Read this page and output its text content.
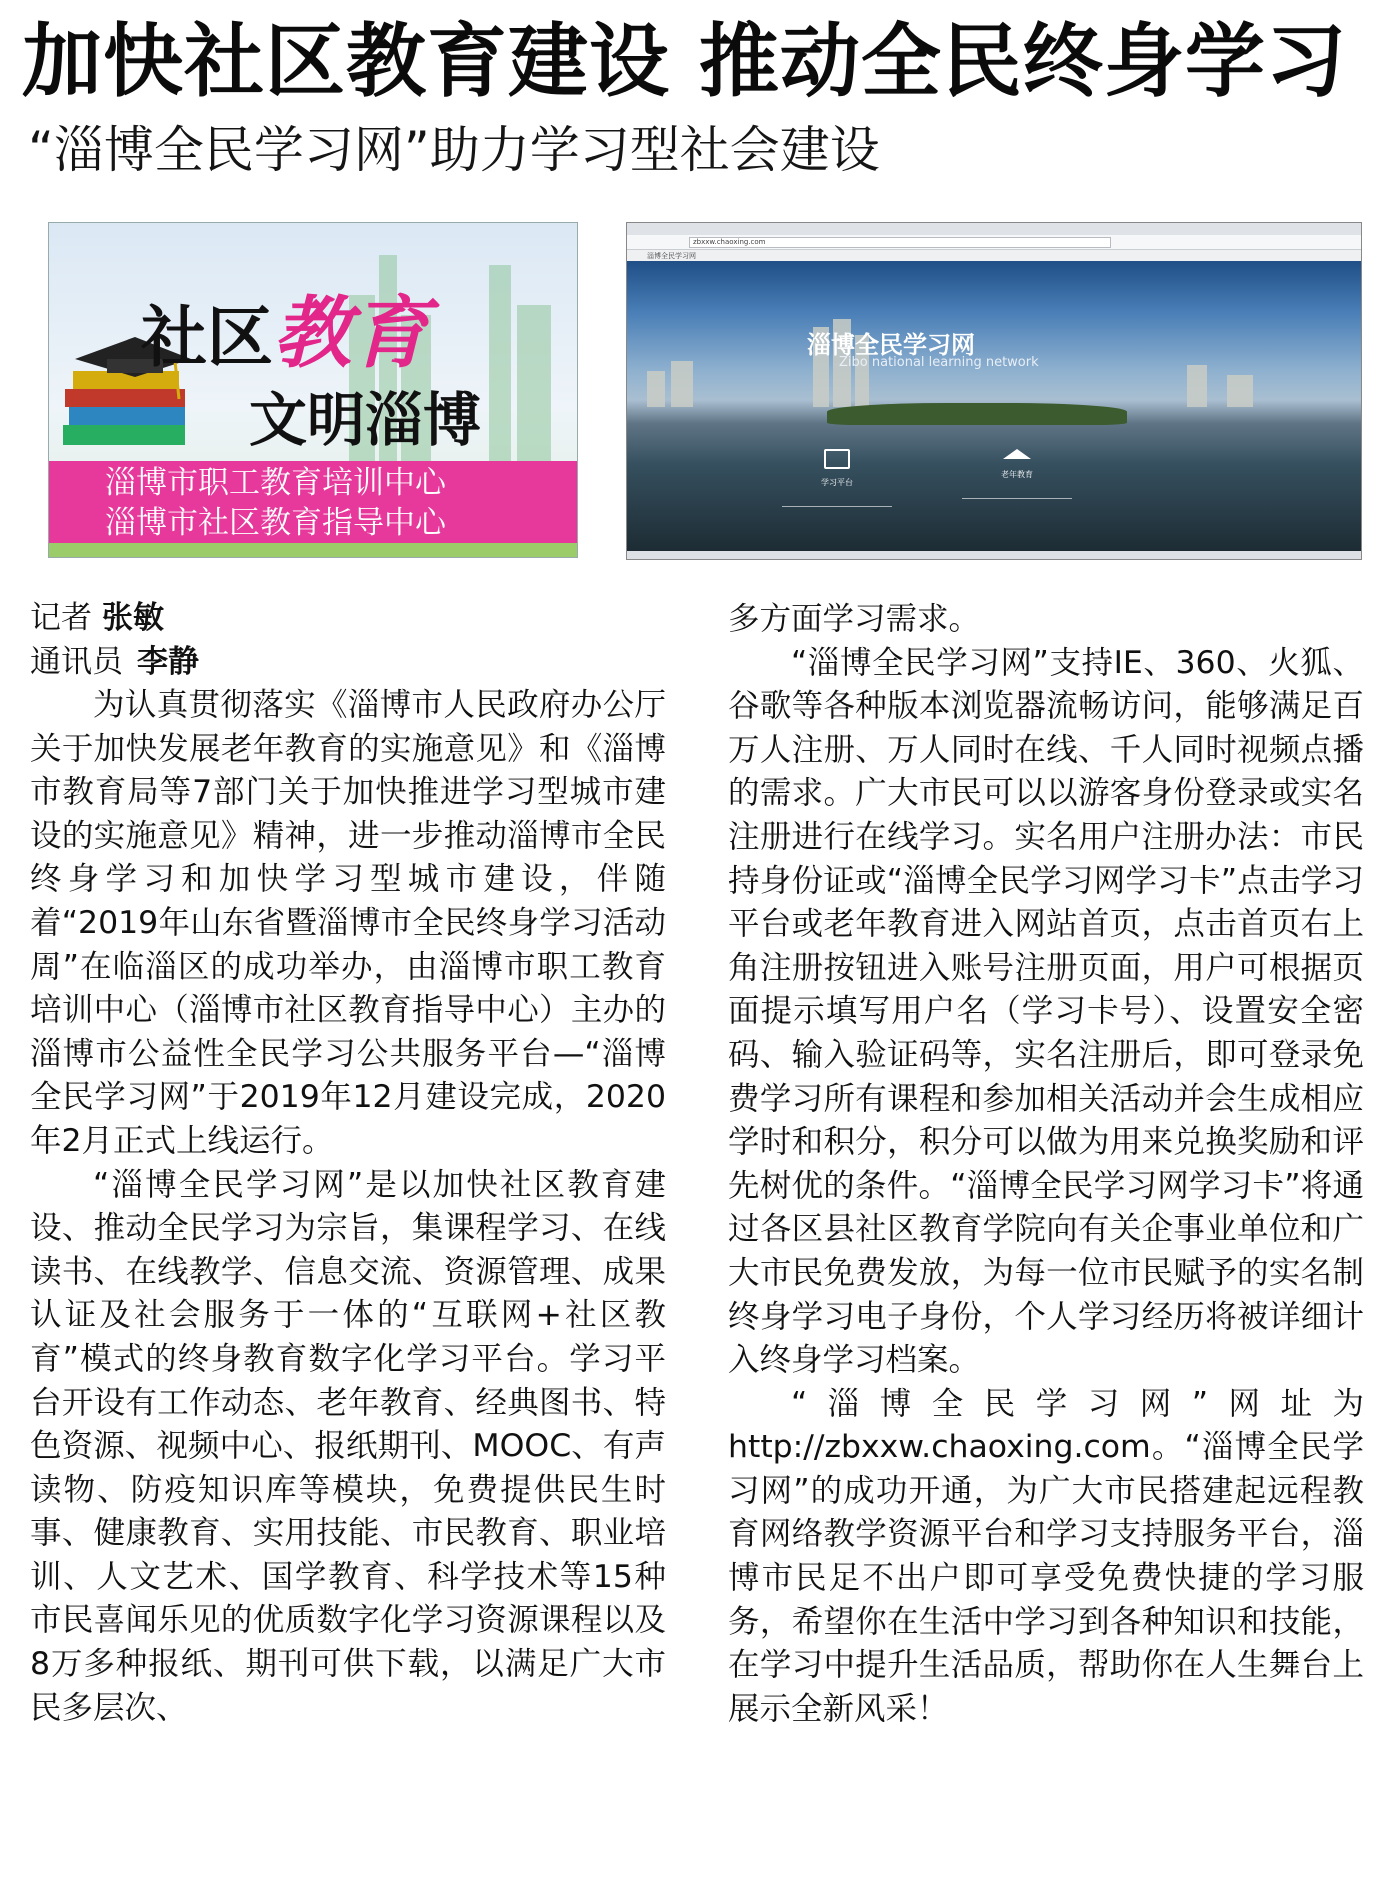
加快社区教育建设 推动全民终身学习
“淄博全民学习网”助力学习型社会建设
社区教育
文明淄博
淄博市职工教育培训中心
淄博市社区教育指导中心
zbxxw.chaoxing.com
淄博全民学习网
淄博全民学习网
Zibo national learning network
学习平台
老年教育
记者 张敏
通讯员 李静

为认真贯彻落实《淄博市人民政府办公厅关于加快发展老年教育的实施意见》和《淄博市教育局等7部门关于加快推进学习型城市建设的实施意见》精神，进一步推动淄博市全民终身学习和加快学习型城市建设，伴随着“2019年山东省暨淄博市全民终身学习活动周”在临淄区的成功举办，由淄博市职工教育培训中心（淄博市社区教育指导中心）主办的淄博市公益性全民学习公共服务平台—“淄博全民学习网”于2019年12月建设完成，2020年2月正式上线运行。

“淄博全民学习网”是以加快社区教育建设、推动全民学习为宗旨，集课程学习、在线读书、在线教学、信息交流、资源管理、成果认证及社会服务于一体的“互联网+社区教育”模式的终身教育数字化学习平台。学习平台开设有工作动态、老年教育、经典图书、特色资源、视频中心、报纸期刊、MOOC、有声读物、防疫知识库等模块，免费提供民生时事、健康教育、实用技能、市民教育、职业培训、人文艺术、国学教育、科学技术等15种市民喜闻乐见的优质数字化学习资源课程以及8万多种报纸、期刊可供下载，以满足广大市民多层次、

多方面学习需求。

“淄博全民学习网”支持IE、360、火狐、谷歌等各种版本浏览器流畅访问，能够满足百万人注册、万人同时在线、千人同时视频点播的需求。广大市民可以以游客身份登录或实名注册进行在线学习。实名用户注册办法：市民持身份证或“淄博全民学习网学习卡”点击学习平台或老年教育进入网站首页，点击首页右上角注册按钮进入账号注册页面，用户可根据页面提示填写用户名（学习卡号）、设置安全密码、输入验证码等，实名注册后，即可登录免费学习所有课程和参加相关活动并会生成相应学时和积分，积分可以做为用来兑换奖励和评先树优的条件。“淄博全民学习网学习卡”将通过各区县社区教育学院向有关企事业单位和广大市民免费发放，为每一位市民赋予的实名制终身学习电子身份，个人学习经历将被详细计入终身学习档案。

“淄博全民学习网”网址为http://zbxxw.chaoxing.com。“淄博全民学习网”的成功开通，为广大市民搭建起远程教育网络教学资源平台和学习支持服务平台，淄博市民足不出户即可享受免费快捷的学习服务，希望你在生活中学习到各种知识和技能，在学习中提升生活品质，帮助你在人生舞台上展示全新风采！
